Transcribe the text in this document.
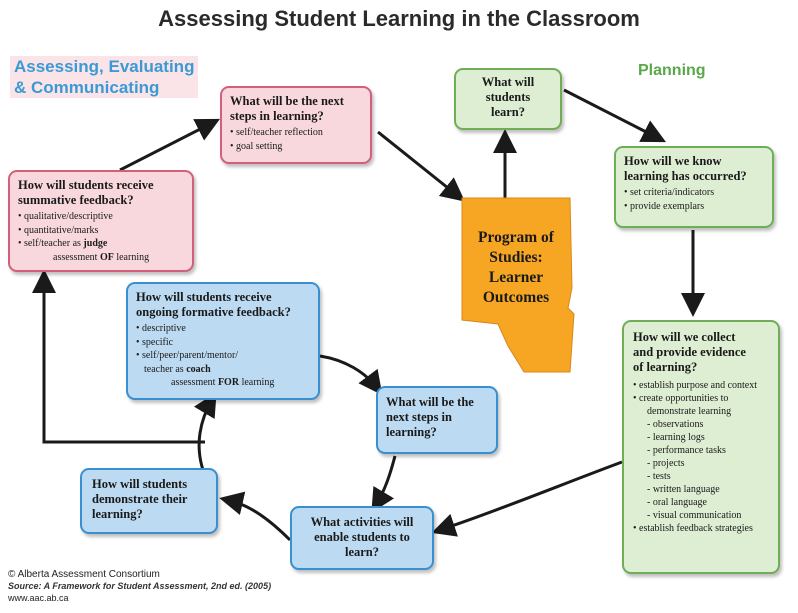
Assessing Student Learning in the Classroom
Assessing, Evaluating
& Communicating
Planning
Program of
Studies:
Learner
Outcomes

What will
students
learn?

How will we know
learning has occurred?

• set criteria/indicators
• provide exemplars

How will we collect
and provide evidence
of learning?

• establish purpose and context
• create opportunities to
demonstrate learning
- observations
- learning logs
- performance tasks
- projects
- tests
- written language
- oral language
- visual communication
• establish feedback strategies

What activities will
enable students to
learn?

How will students
demonstrate their
learning?

What will be the
next steps in
learning?

How will students receive
ongoing formative feedback?

• descriptive
• specific
• self/peer/parent/mentor/
teacher as coach
assessment FOR learning

How will students receive
summative feedback?

• qualitative/descriptive
• quantitative/marks
• self/teacher as judge
assessment OF learning

What will be the next
steps in learning?

• self/teacher reflection
• goal setting
© Alberta Assessment Consortium
Source: A Framework for Student Assessment, 2nd ed. (2005)
www.aac.ab.ca
